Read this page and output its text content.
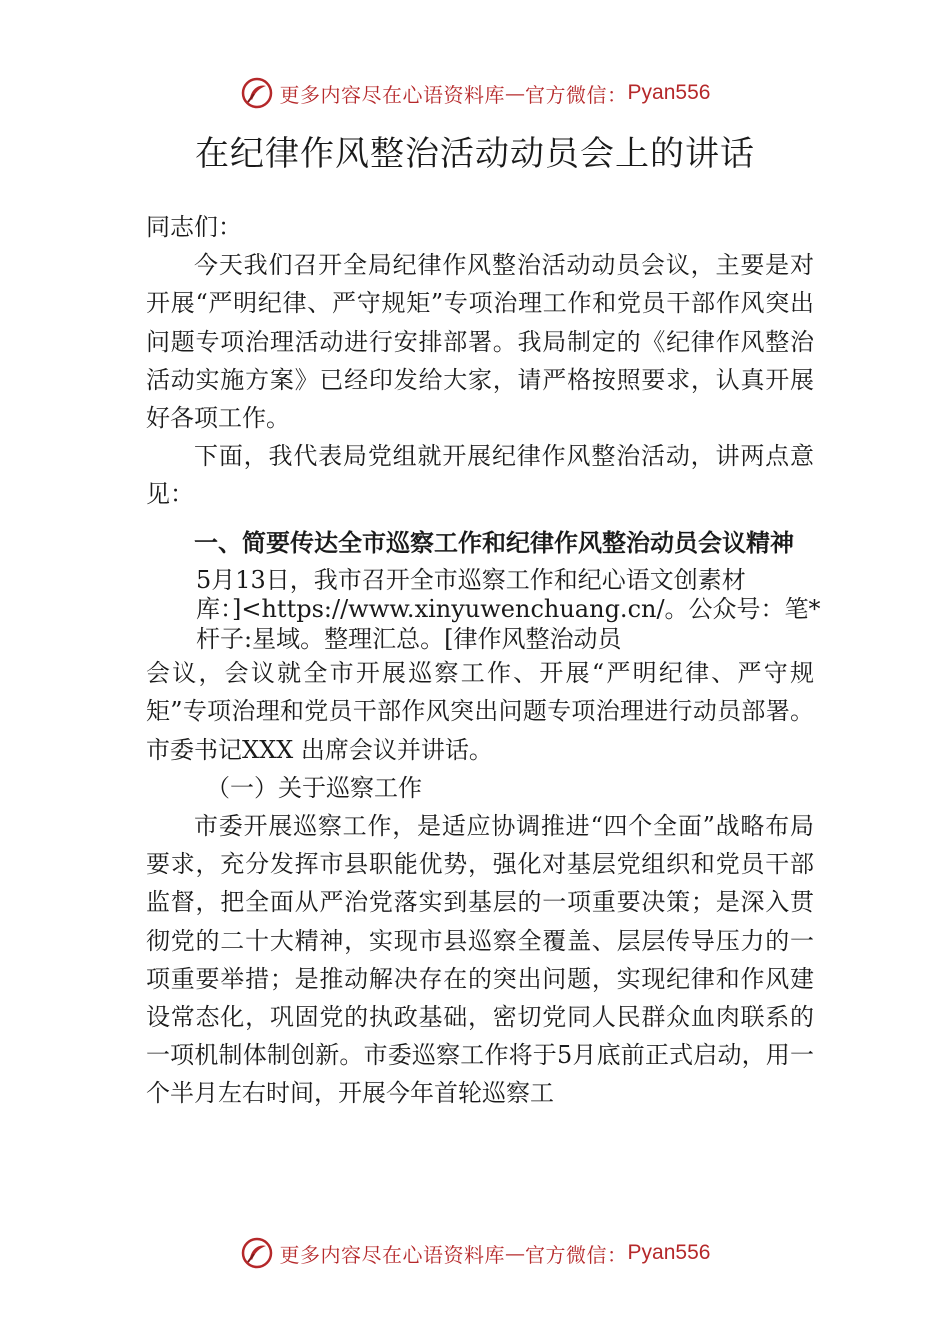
更多内容尽在心语资料库 — 官方微信： Pyan556
在纪律作风整治活动动员会上的讲话

同志们：

今天我们召开全局纪律作风整治活动动员会议，主要是对开展“严明纪律、严守规矩”专项治理工作和党员干部作风突出问题专项治理活动进行安排部署。我局制定的《纪律作风整治活动实施方案》已经印发给大家，请严格按照要求，认真开展好各项工作。

下面，我代表局党组就开展纪律作风整治活动，讲两点意见：

一、简要传达全市巡察工作和纪律作风整治动员会议精神

5月13日，我市召开全市巡察工作和纪心语文创素材
库：]<https://www.xinyuwenchuang.cn/。公众号：笔*
杆子:星域。整理汇总。[律作风整治动员

会议，会议就全市开展巡察工作、开展“严明纪律、严守规矩”专项治理和党员干部作风突出问题专项治理进行动员部署。市委书记XXX 出席会议并讲话。

（一）关于巡察工作

市委开展巡察工作，是适应协调推进“四个全面”战略布局要求，充分发挥市县职能优势，强化对基层党组织和党员干部监督，把全面从严治党落实到基层的一项重要决策；是深入贯彻党的二十大精神，实现市县巡察全覆盖、层层传导压力的一项重要举措；是推动解决存在的突出问题，实现纪律和作风建设常态化，巩固党的执政基础，密切党同人民群众血肉联系的一项机制体制创新。市委巡察工作将于5月底前正式启动，用一个半月左右时间，开展今年首轮巡察工

更多内容尽在心语资料库 — 官方微信： Pyan556
